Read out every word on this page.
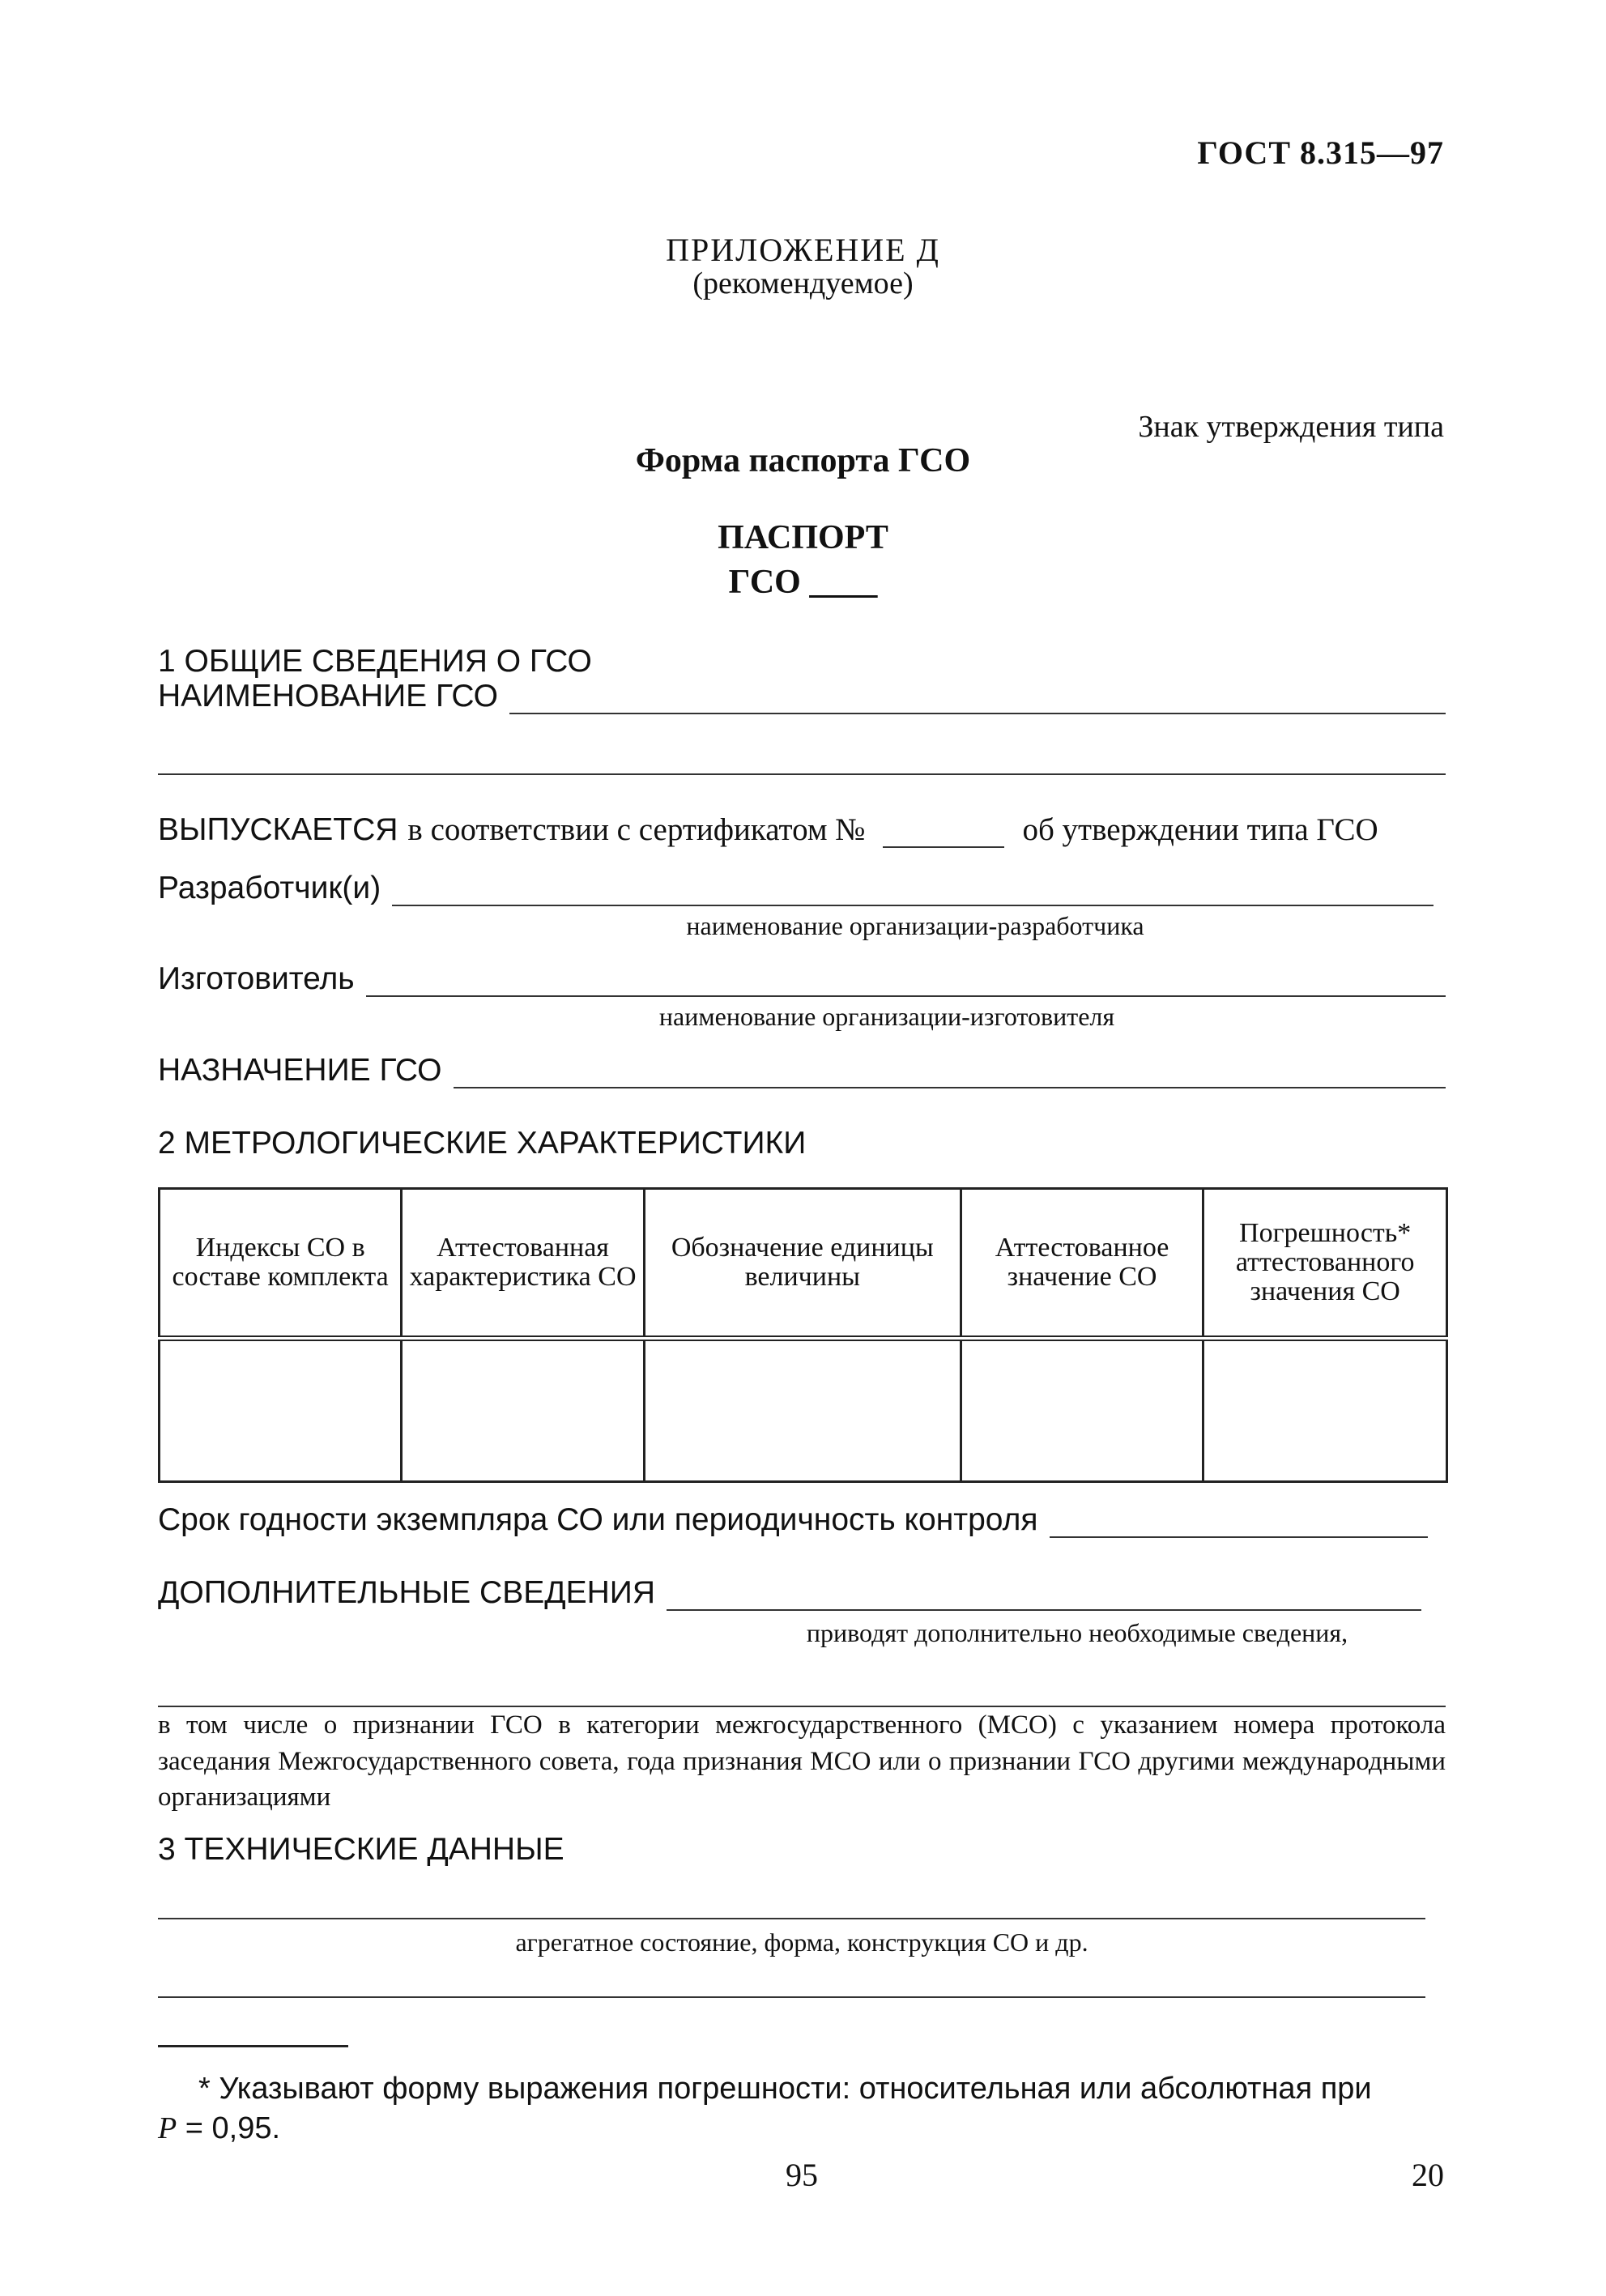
ГОСТ 8.315—97
ПРИЛОЖЕНИЕ Д
(рекомендуемое)
Знак утверждения типа
Форма паспорта ГСО
ПАСПОРТ
ГСО ____
1 ОБЩИЕ СВЕДЕНИЯ О ГСО
НАИМЕНОВАНИЕ ГСО
ВЫПУСКАЕТСЯ в соответствии с сертификатом №	об утверждении типа ГСО
Разработчик(и)
наименование организации-разработчика
Изготовитель
наименование организации-изготовителя
НАЗНАЧЕНИЕ ГСО
2 МЕТРОЛОГИЧЕСКИЕ ХАРАКТЕРИСТИКИ
Индексы СО в составе комплекта	Аттестованная характеристика СО	Обозначение единицы величины	Аттестованное значение СО	Погрешность* аттестованного значения СО

Срок годности экземпляра СО или периодичность контроля
ДОПОЛНИТЕЛЬНЫЕ СВЕДЕНИЯ
приводят дополнительно необходимые сведения,
в том числе о признании ГСО в категории межгосударственного (МСО) с указанием номера протокола заседания Межгосударственного совета, года признания МСО или о признании ГСО другими международными организациями
3 ТЕХНИЧЕСКИЕ ДАННЫЕ
агрегатное состояние, форма, конструкция СО и др.
* Указывают форму выражения погрешности: относительная или абсолютная при
P = 0,95.
95	20
